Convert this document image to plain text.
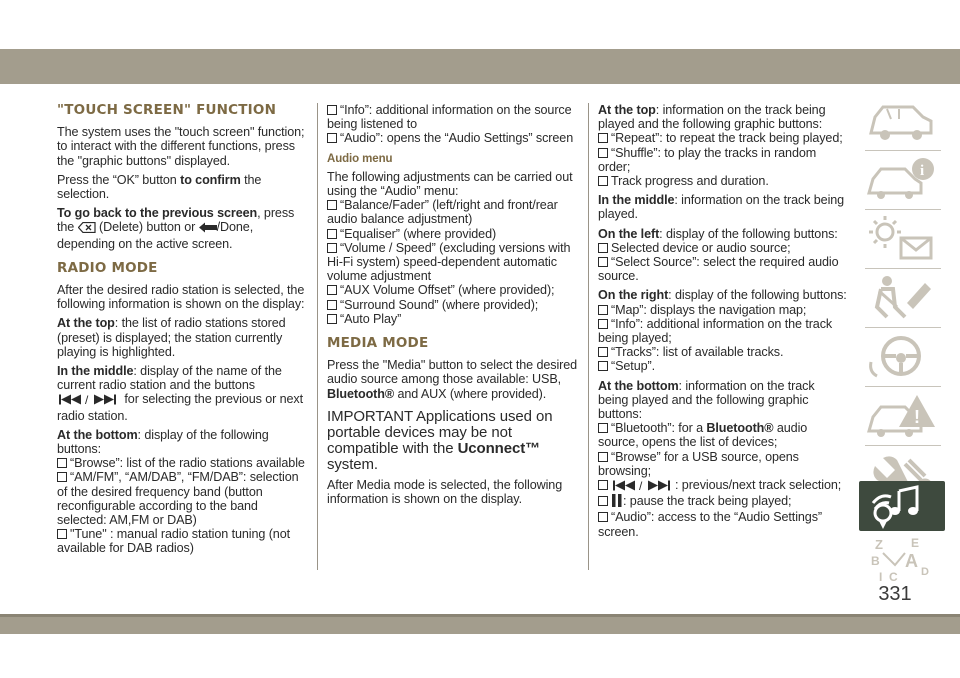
"TOUCH SCREEN" FUNCTION

The system uses the "touch screen" function; to interact with the different functions, press the "graphic buttons" displayed.

Press the “OK” button to confirm the selection.

To go back to the previous screen, press the  (Delete) button or /Done, depending on the active screen.

RADIO MODE

After the desired radio station is selected, the following information is shown on the display:

At the top: the list of radio stations stored (preset) is displayed; the station currently playing is highlighted.

In the middle: display of the name of the current radio station and the buttons
/	for selecting the previous or next radio station.

At the bottom: display of the following buttons:

“Browse”: list of the radio stations available
“AM/FM”, “AM/DAB”, “FM/DAB”: selection of the desired frequency band (button reconfigurable according to the band selected: AM,FM or DAB)
"Tune" : manual radio station tuning (not available for DAB radios)
“Info”: additional information on the source being listened to
“Audio”: opens the “Audio Settings” screen
Audio menu

The following adjustments can be carried out using the “Audio” menu:

“Balance/Fader” (left/right and front/rear audio balance adjustment)
“Equaliser” (where provided)
“Volume / Speed” (excluding versions with Hi-Fi system) speed-dependent automatic volume adjustment
“AUX Volume Offset” (where provided);
“Surround Sound” (where provided);
“Auto Play”
MEDIA MODE

Press the "Media" button to select the desired audio source among those available: USB, Bluetooth® and AUX (where provided).

IMPORTANT Applications used on portable devices may be not compatible with the Uconnect™ system.

After Media mode is selected, the following information is shown on the display.

At the top: information on the track being played and the following graphic buttons:

“Repeat”: to repeat the track being played;
“Shuffle”: to play the tracks in random order;
Track progress and duration.

In the middle: information on the track being played.

On the left: display of the following buttons:

Selected device or audio source;
“Select Source”: select the required audio source.

On the right: display of the following buttons:

“Map”: displays the navigation map;
“Info”: additional information on the track being played;
“Tracks”: list of available tracks.
“Setup”.

At the bottom: information on the track being played and the following graphic buttons:

“Bluetooth”: for a Bluetooth® audio source, opens the list of devices;
“Browse” for a USB source, opens browsing;
/	: previous/next track selection;
: pause the track being played;
“Audio”: access to the “Audio Settings” screen.
i
!
Z E
B A
I C D
331
